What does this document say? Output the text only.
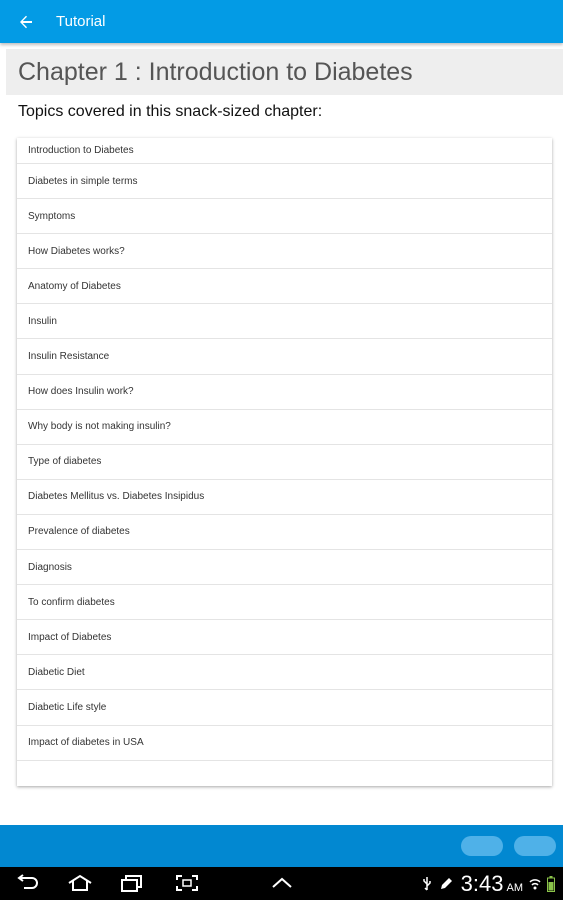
Tutorial
Chapter 1 : Introduction to Diabetes
Topics covered in this snack-sized chapter:
Introduction to Diabetes
Diabetes in simple terms
Symptoms
How Diabetes works?
Anatomy of Diabetes
Insulin
Insulin Resistance
How does Insulin work?
Why body is not making insulin?
Type of diabetes
Diabetes Mellitus vs. Diabetes Insipidus
Prevalence of diabetes
Diagnosis
To confirm diabetes
Impact of Diabetes
Diabetic Diet
Diabetic Life style
Impact of diabetes in USA
3:43 AM
